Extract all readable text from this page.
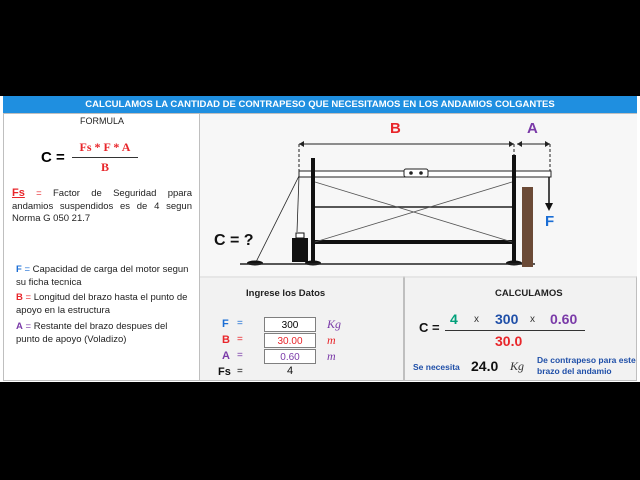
CALCULAMOS LA CANTIDAD DE CONTRAPESO QUE NECESITAMOS EN LOS ANDAMIOS COLGANTES
FORMULA
C =
Fs * F * A
B
Fs = Factor de Seguridad ppara andamios suspendidos es de 4 segun Norma G 050 21.7
F = Capacidad de carga del motor segun su ficha tecnica
B = Longitud del brazo hasta el punto de apoyo en la estructura
A = Restante del brazo despues del punto de apoyo (Voladizo)
B	A
F
C = ?
Ingrese los Datos
F =	300	Kg
B =	30.00	m
A =	0.60	m
Fs =	4
CALCULAMOS
C =
4 x 300 x 0.60
30.0
Se necesita 24.0 Kg De contrapeso para este brazo del andamio
